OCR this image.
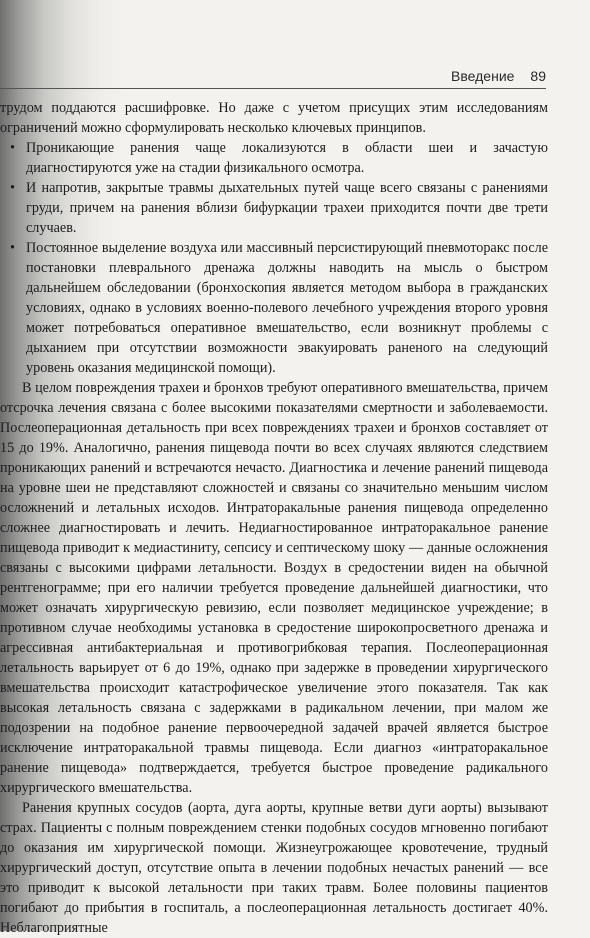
Введение 89

трудом поддаются расшифровке. Но даже с учетом присущих этим исследованиям ограничений можно сформулировать несколько ключевых принципов.

• Проникающие ранения чаще локализуются в области шеи и зачастую диагностируются уже на стадии физикального осмотра.
• И напротив, закрытые травмы дыхательных путей чаще всего связаны с ранениями груди, причем на ранения вблизи бифуркации трахеи приходится почти две трети случаев.
• Постоянное выделение воздуха или массивный персистирующий пневмоторакс после постановки плеврального дренажа должны наводить на мысль о быстром дальнейшем обследовании (бронхоскопия является методом выбора в гражданских условиях, однако в условиях военно-полевого лечебного учреждения второго уровня может потребоваться оперативное вмешательство, если возникнут проблемы с дыханием при отсутствии возможности эвакуировать раненого на следующий уровень оказания медицинской помощи).

В целом повреждения трахеи и бронхов требуют оперативного вмешательства, причем отсрочка лечения связана с более высокими показателями смертности и заболеваемости. Послеоперационная детальность при всех повреждениях трахеи и бронхов составляет от 15 до 19%. Аналогично, ранения пищевода почти во всех случаях являются следствием проникающих ранений и встречаются нечасто. Диагностика и лечение ранений пищевода на уровне шеи не представляют сложностей и связаны со значительно меньшим числом осложнений и летальных исходов. Интраторакальные ранения пищевода определенно сложнее диагностировать и лечить. Недиагностированное интраторакальное ранение пищевода приводит к медиастиниту, сепсису и септическому шоку — данные осложнения связаны с высокими цифрами летальности. Воздух в средостении виден на обычной рентгенограмме; при его наличии требуется проведение дальнейшей диагностики, что может означать хирургическую ревизию, если позволяет медицинское учреждение; в противном случае необходимы установка в средостение широкопросветного дренажа и агрессивная антибактериальная и противогрибковая терапия. Послеоперационная летальность варьирует от 6 до 19%, однако при задержке в проведении хирургического вмешательства происходит катастрофическое увеличение этого показателя. Так как высокая летальность связана с задержками в радикальном лечении, при малом же подозрении на подобное ранение первоочередной задачей врачей является быстрое исключение интраторакальной травмы пищевода. Если диагноз «интраторакальное ранение пищевода» подтверждается, требуется быстрое проведение радикального хирургического вмешательства.

Ранения крупных сосудов (аорта, дуга аорты, крупные ветви дуги аорты) вызывают страх. Пациенты с полным повреждением стенки подобных сосудов мгновенно погибают до оказания им хирургической помощи. Жизнеугрожающее кровотечение, трудный хирургический доступ, отсутствие опыта в лечении подобных нечастых ранений — все это приводит к высокой летальности при таких травм. Более половины пациентов погибают до прибытия в госпиталь, а послеоперационная летальность достигает 40%. Неблагоприятные
